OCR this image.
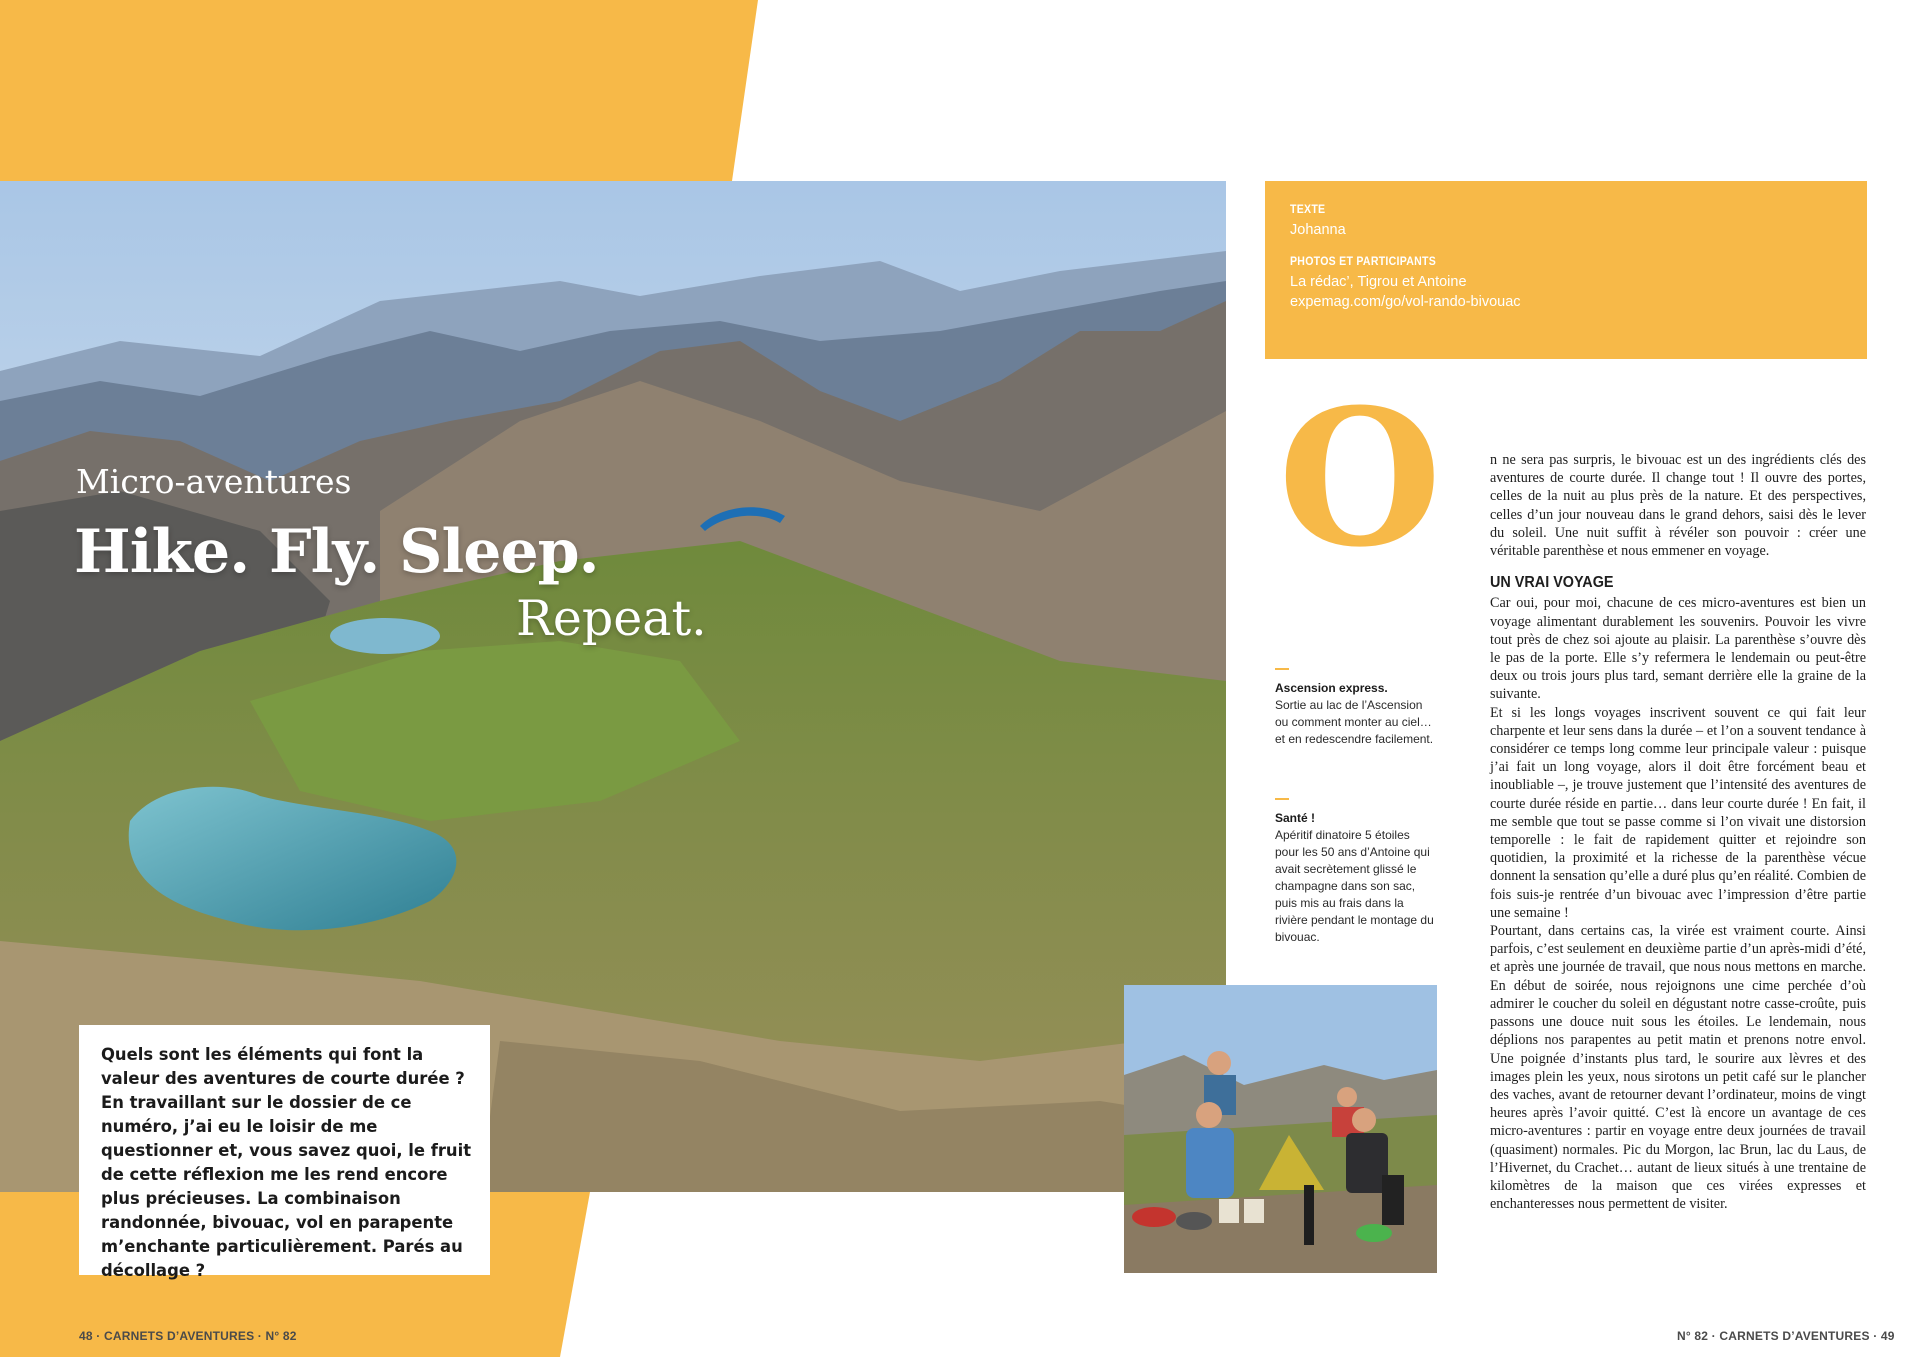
Micro-aventures
Hike. Fly. Sleep.
Repeat.

Quels sont les éléments qui font la valeur des aventures de courte durée ? En travaillant sur le dossier de ce numéro, j’ai eu le loisir de me questionner et, vous savez quoi, le fruit de cette réflexion me les rend encore plus précieuses. La combinaison randonnée, bivouac, vol en parapente m’enchante particulièrement. Parés au décollage ?

48 · CARNETS D’AVENTURES · N° 82
TEXTE
Johanna
PHOTOS ET PARTICIPANTS
La rédac’, Tigrou et Antoine
expemag.com/go/vol-rando-bivouac
O	n ne sera pas surpris, le bivouac est un des ingrédients clés des aventures de courte durée. Il change tout ! Il ouvre des portes, celles de la nuit au plus près de la nature. Et des perspectives, celles d’un jour nouveau dans le grand dehors, saisi dès le lever du soleil. Une nuit suffit à révéler son pouvoir : créer une véritable parenthèse et nous emmener en voyage.

UN VRAI VOYAGE

Car oui, pour moi, chacune de ces micro-aventures est bien un voyage alimentant durablement les souvenirs. Pouvoir les vivre tout près de chez soi ajoute au plaisir. La parenthèse s’ouvre dès le pas de la porte. Elle s’y refermera le lendemain ou peut-être deux ou trois jours plus tard, semant derrière elle la graine de la suivante.

Et si les longs voyages inscrivent souvent ce qui fait leur charpente et leur sens dans la durée – et l’on a souvent tendance à considérer ce temps long comme leur principale valeur : puisque j’ai fait un long voyage, alors il doit être forcément beau et inoubliable –, je trouve justement que l’intensité des aventures de courte durée réside en partie… dans leur courte durée ! En fait, il me semble que tout se passe comme si l’on vivait une distorsion temporelle : le fait de rapidement quitter et rejoindre son quotidien, la proximité et la richesse de la parenthèse vécue donnent la sensation qu’elle a duré plus qu’en réalité. Combien de fois suis-je rentrée d’un bivouac avec l’impression d’être partie une semaine !

Pourtant, dans certains cas, la virée est vraiment courte. Ainsi parfois, c’est seulement en deuxième partie d’un après-midi d’été, et après une journée de travail, que nous nous mettons en marche. En début de soirée, nous rejoignons une cime perchée d’où admirer le coucher du soleil en dégustant notre casse-croûte, puis passons une douce nuit sous les étoiles. Le lendemain, nous déplions nos parapentes au petit matin et prenons notre envol. Une poignée d’instants plus tard, le sourire aux lèvres et des images plein les yeux, nous sirotons un petit café sur le plancher des vaches, avant de retourner devant l’ordinateur, moins de vingt heures après l’avoir quitté. C’est là encore un avantage de ces micro-aventures : partir en voyage entre deux journées de travail (quasiment) normales. Pic du Morgon, lac Brun, lac du Laus, de l’Hivernet, du Crachet… autant de lieux situés à une trentaine de kilomètres de la maison que ces virées expresses et enchanteresses nous permettent de visiter.

Ascension express.
Sortie au lac de l’Ascension ou comment monter au ciel… et en redescendre facilement.
Santé !
Apéritif dinatoire 5 étoiles pour les 50 ans d’Antoine qui avait secrètement glissé le champagne dans son sac, puis mis au frais dans la rivière pendant le montage du bivouac.
N° 82 · CARNETS D’AVENTURES · 49
